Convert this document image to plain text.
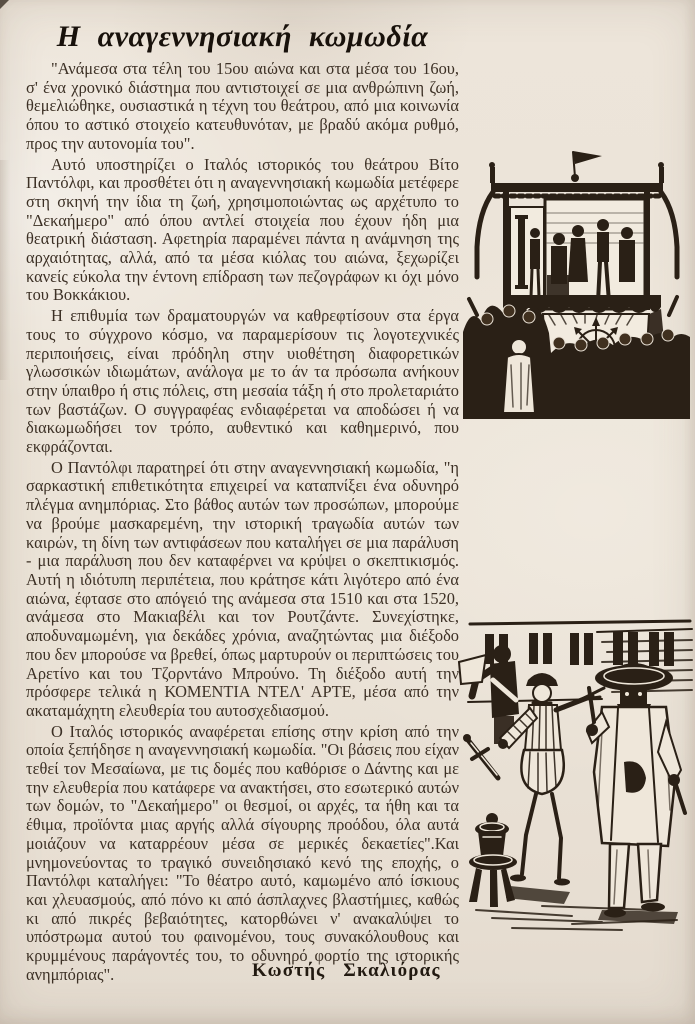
Η αναγεννησιακή κωμωδία

"Ανάμεσα στα τέλη του 15ου αιώνα και στα μέσα του 16ου, σ' ένα χρονικό διάστημα που αντιστοιχεί σε μια ανθρώπινη ζωή, θεμελιώθηκε, ουσιαστικά η τέχνη του θεάτρου, από μια κοινωνία όπου το αστικό στοιχείο κατευθυνόταν, με βραδύ ακόμα ρυθμό, προς την αυτονομία του".

Αυτό υποστηρίζει ο Ιταλός ιστορικός του θεάτρου Βίτο Παντόλφι, και προσθέτει ότι η αναγεννησιακή κωμωδία μετέφερε στη σκηνή την ίδια τη ζωή, χρησιμοποιώντας ως αρχέτυπο το "Δεκαήμερο" από όπου αντλεί στοιχεία που έχουν ήδη μια θεατρική διάσταση. Αφετηρία παραμένει πάντα η ανάμνηση της αρχαιότητας, αλλά, από τα μέσα κιόλας του αιώνα, ξεχωρίζει κανείς εύκολα την έντονη επίδραση των πεζογράφων κι όχι μόνο του Βοκκάκιου.

Η επιθυμία των δραματουργών να καθρεφτίσουν στα έργα τους το σύγχρονο κόσμο, να παραμερίσουν τις λογοτεχνικές περιποιήσεις, είναι πρόδηλη στην υιοθέτηση διαφορετικών γλωσσικών ιδιωμάτων, ανάλογα με το άν τα πρόσωπα ανήκουν στην ύπαιθρο ή στις πόλεις, στη μεσαία τάξη ή στο προλεταριάτο των βαστάζων. Ο συγγραφέας ενδιαφέρεται να αποδώσει ή να διακωμωδήσει τον τρόπο, αυθεντικό και καθημερινό, που εκφράζονται.

Ο Παντόλφι παρατηρεί ότι στην αναγεννησιακή κωμωδία, "η σαρκαστική επιθετικότητα επιχειρεί να καταπνίξει ένα οδυνηρό πλέγμα ανημπόριας. Στο βάθος αυτών των προσώπων, μπορούμε να βρούμε μασκαρεμένη, την ιστορική τραγωδία αυτών των καιρών, τη δίνη των αντιφάσεων που καταλήγει σε μια παράλυση - μια παράλυση που δεν καταφέρνει να κρύψει ο σκεπτικισμός. Αυτή η ιδιότυπη περιπέτεια, που κράτησε κάτι λιγότερο από ένα αιώνα, έφτασε στο απόγειό της ανάμεσα στα 1510 και στα 1520, ανάμεσα στο Μακιαβέλι και τον Ρουτζάντε. Συνεχίστηκε, αποδυναμωμένη, για δεκάδες χρόνια, αναζητώντας μια διέξοδο που δεν μπορούσε να βρεθεί, όπως μαρτυρούν οι περιπτώσεις του Αρετίνο και του Τζορντάνο Μπρούνο. Τη διέξοδο αυτή την πρόσφερε τελικά η ΚΟΜΕΝΤΙΑ ΝΤΕΛ' ΑΡΤΕ, μέσα από την ακαταμάχητη ελευθερία του αυτοσχεδιασμού.

Ο Ιταλός ιστορικός αναφέρεται επίσης στην κρίση από την οποία ξεπήδησε η αναγεννησιακή κωμωδία. "Οι βάσεις που είχαν τεθεί τον Μεσαίωνα, με τις δομές που καθόρισε ο Δάντης και με την ελευθερία που κατάφερε να ανακτήσει, στο εσωτερικό αυτών των δομών, το "Δεκαήμερο" οι θεσμοί, οι αρχές, τα ήθη και τα έθιμα, προϊόντα μιας αργής αλλά σίγουρης προόδου, όλα αυτά μοιάζουν να καταρρέουν μέσα σε μερικές δεκαετίες".Και μνημονεύοντας το τραγικό συνειδησιακό κενό της εποχής, ο Παντόλφι καταλήγει: "Το θέατρο αυτό, καμωμένο από ίσκιους και χλευασμούς, από πόνο κι από άσπλαχνες βλαστήμιες, καθώς κι από πικρές βεβαιότητες, κατορθώνει ν' ανακαλύψει το υπόστρωμα αυτού του φαινομένου, τους συνακόλουθους και κρυμμένους παράγοντές του, το οδυνηρό φορτίο της ιστορικής ανημπόριας".	Κωστής Σκαλιόρας
